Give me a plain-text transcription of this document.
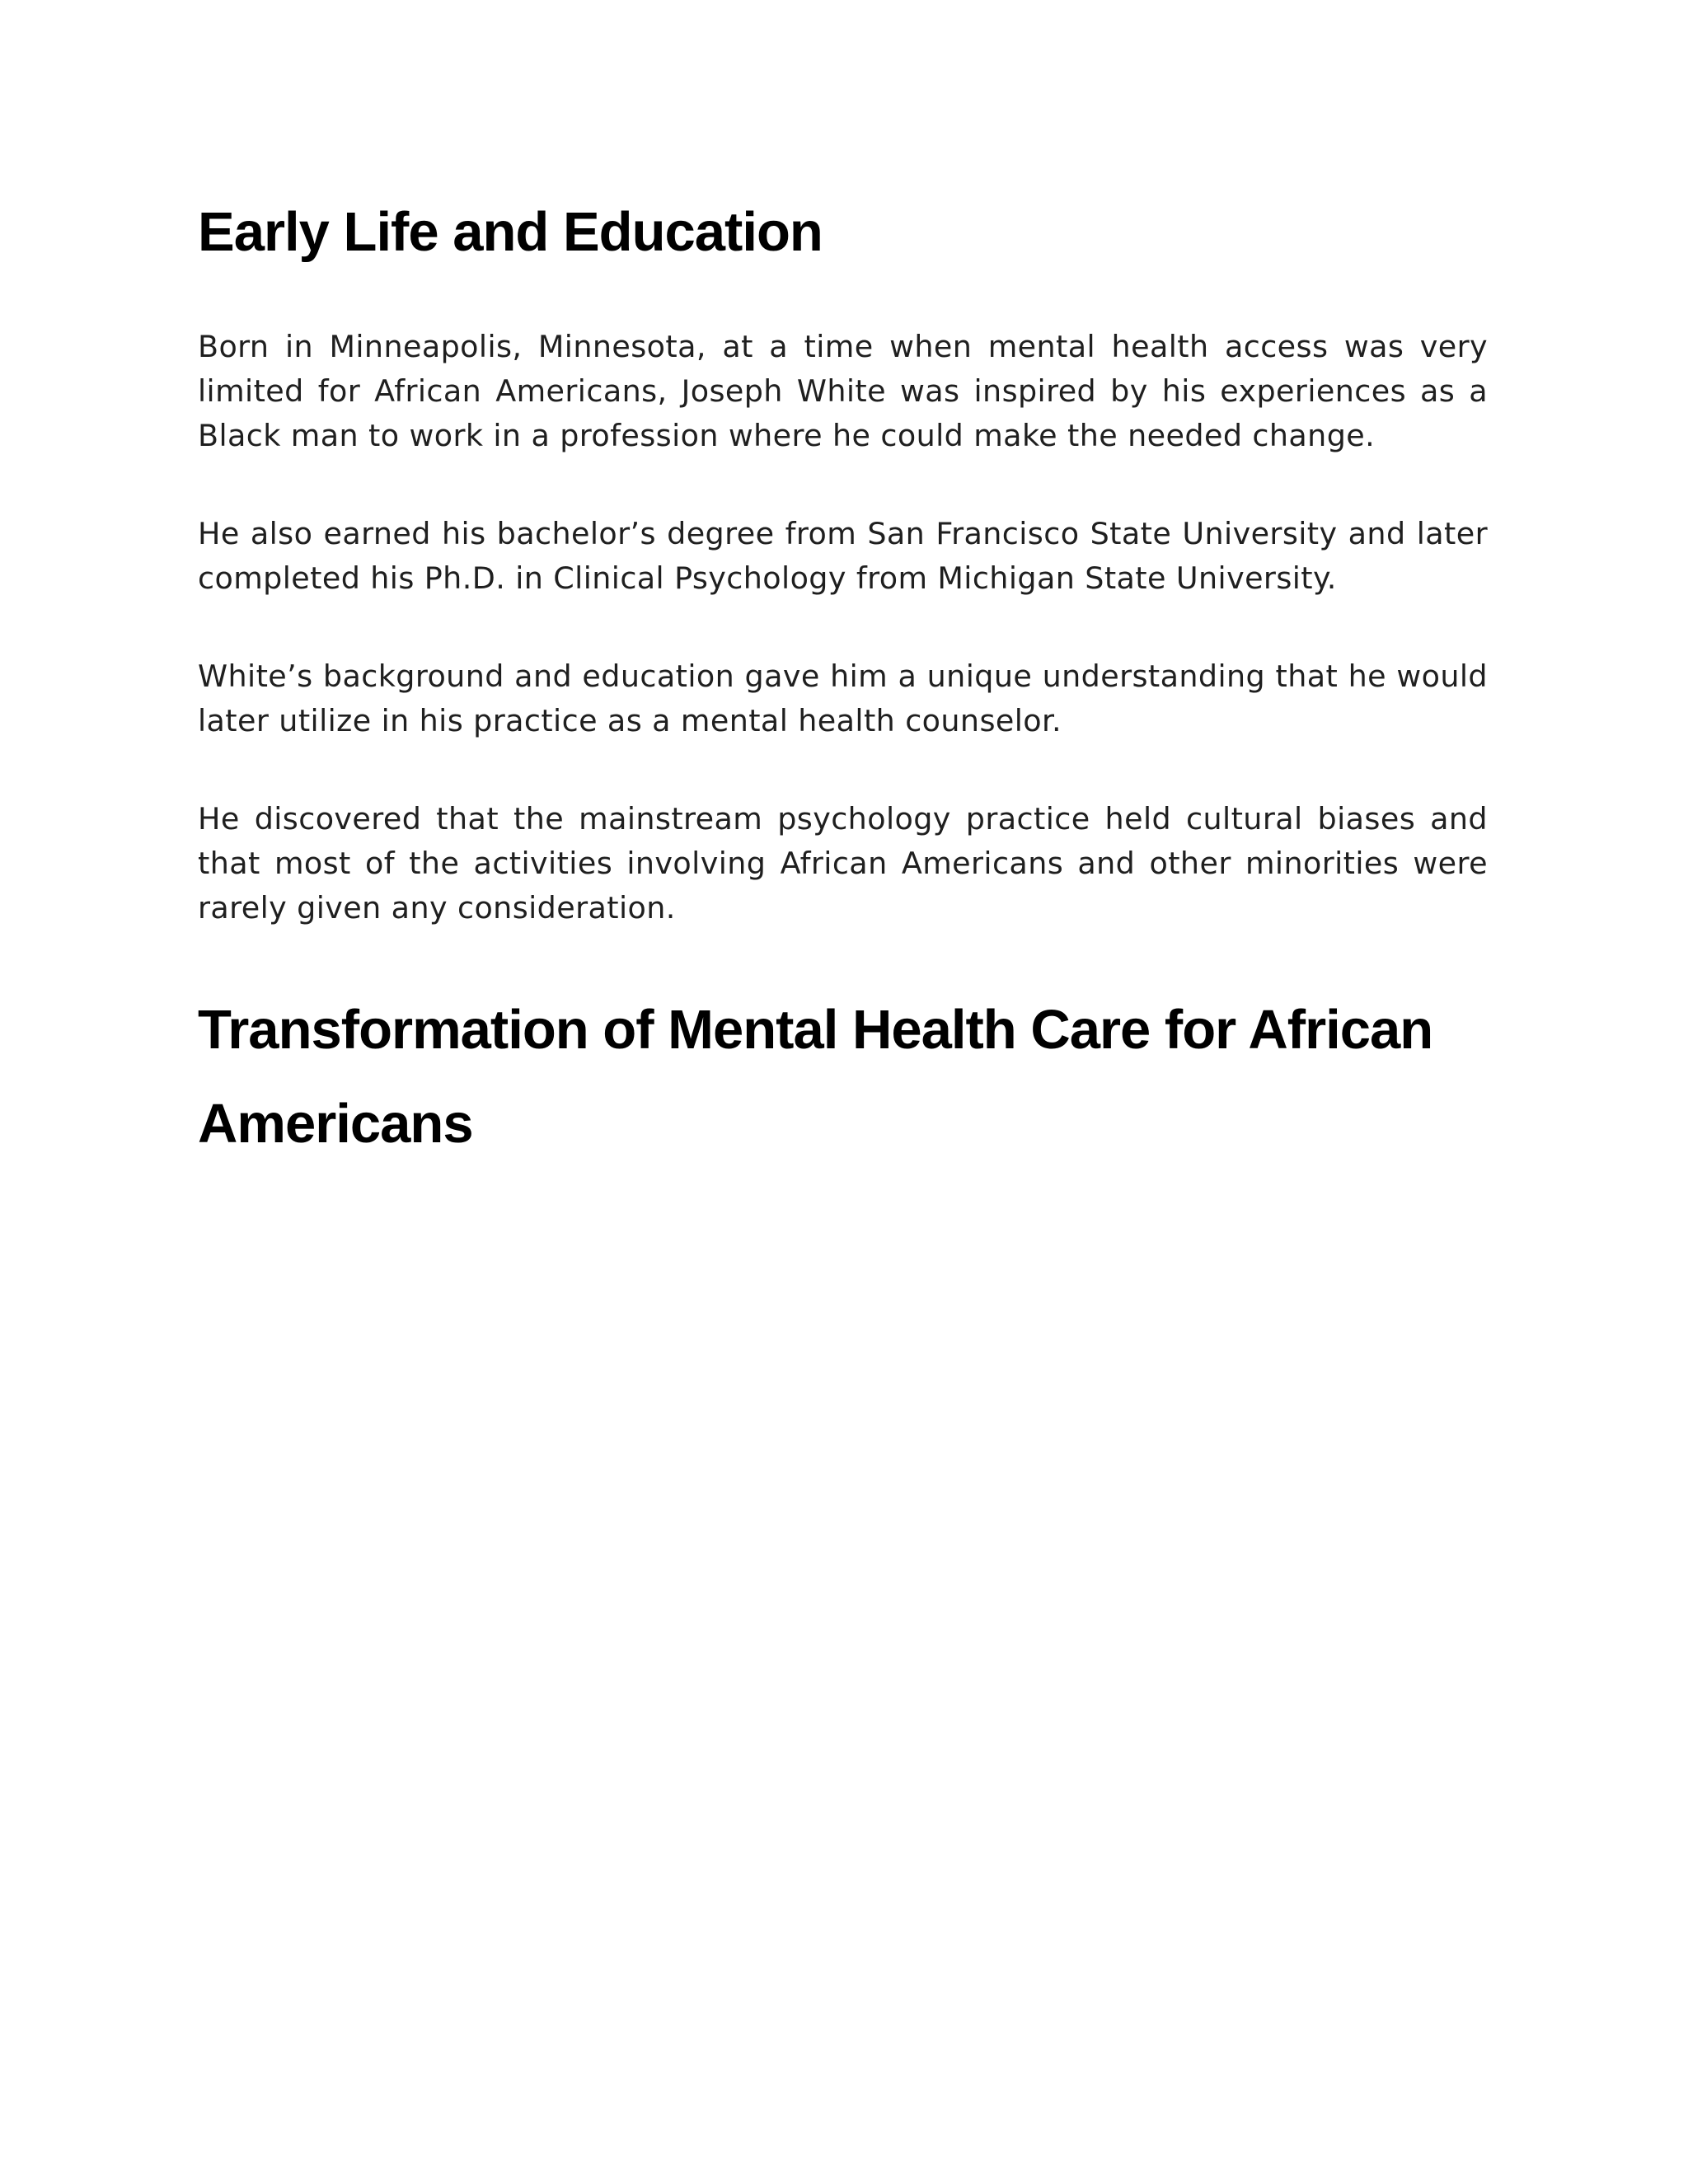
Early Life and Education

Born in Minneapolis, Minnesota, at a time when mental health access was very limited for African Americans, Joseph White was inspired by his experiences as a Black man to work in a profession where he could make the needed change.

He also earned his bachelor’s degree from San Francisco State University and later completed his Ph.D. in Clinical Psychology from Michigan State University.

White’s background and education gave him a unique understanding that he would later utilize in his practice as a mental health counselor.

He discovered that the mainstream psychology practice held cultural biases and that most of the activities involving African Americans and other minorities were rarely given any consideration.

Transformation of Mental Health Care for African Americans
